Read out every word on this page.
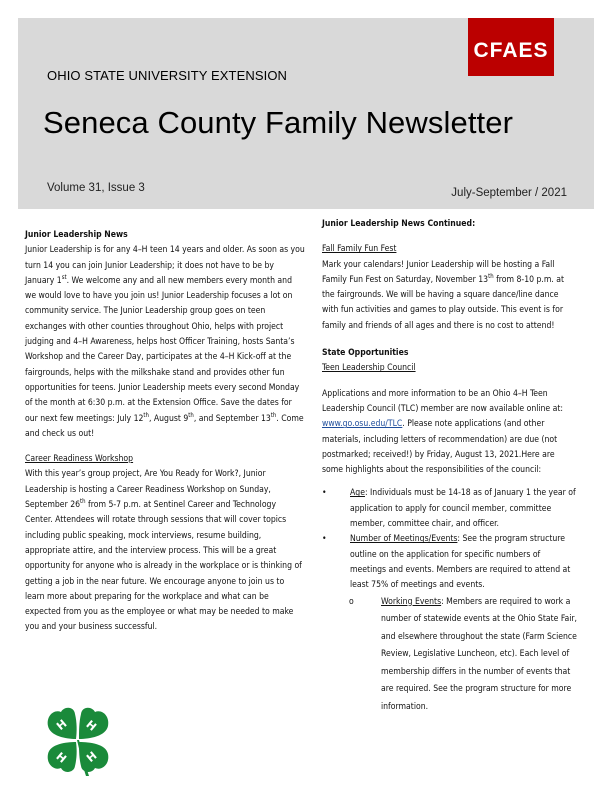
CFAES
OHIO STATE UNIVERSITY EXTENSION
Seneca County Family Newsletter
Volume 31, Issue 3	July-September / 2021

Junior Leadership News
Junior Leadership is for any 4–H teen 14 years and older. As soon as you turn 14 you can join Junior Leadership; it does not have to be by January 1st. We welcome any and all new members every month and we would love to have you join us! Junior Leadership focuses a lot on community service. The Junior Leadership group goes on teen exchanges with other counties throughout Ohio, helps with project judging and 4–H Awareness, helps host Officer Training, hosts Santa’s Workshop and the Career Day, participates at the 4–H Kick-off at the fairgrounds, helps with the milkshake stand and provides other fun opportunities for teens. Junior Leadership meets every second Monday of the month at 6:30 p.m. at the Extension Office. Save the dates for our next few meetings: July 12th, August 9th, and September 13th. Come and check us out!

Career Readiness Workshop
With this year’s group project, Are You Ready for Work?, Junior Leadership is hosting a Career Readiness Workshop on Sunday, September 26th from 5-7 p.m. at Sentinel Career and Technology Center. Attendees will rotate through sessions that will cover topics including public speaking, mock interviews, resume building, appropriate attire, and the interview process. This will be a great opportunity for anyone who is already in the workplace or is thinking of getting a job in the near future. We encourage anyone to join us to learn more about preparing for the workplace and what can be expected from you as the employee or what may be needed to make you and your business successful.

H H
H H

Junior Leadership News Continued:

Fall Family Fun Fest
Mark your calendars! Junior Leadership will be hosting a Fall Family Fun Fest on Saturday, November 13th from 8-10 p.m. at the fairgrounds. We will be having a square dance/line dance with fun activities and games to play outside. This event is for family and friends of all ages and there is no cost to attend!

State Opportunities
Teen Leadership Council

Applications and more information to be an Ohio 4–H Teen Leadership Council (TLC) member are now available online at: www.go.osu.edu/TLC. Please note applications (and other materials, including letters of recommendation) are due (not postmarked; received!) by Friday, August 13, 2021.Here are some highlights about the responsibilities of the council:

•	Age: Individuals must be 14-18 as of January 1 the year of application to apply for council member, committee member, committee chair, and officer.
•	Number of Meetings/Events: See the program structure outline on the application for specific numbers of meetings and events. Members are required to attend at least 75% of meetings and events.
o	Working Events: Members are required to work a number of statewide events at the Ohio State Fair, and elsewhere throughout the state (Farm Science Review, Legislative Luncheon, etc). Each level of membership differs in the number of events that are required. See the program structure for more information.
